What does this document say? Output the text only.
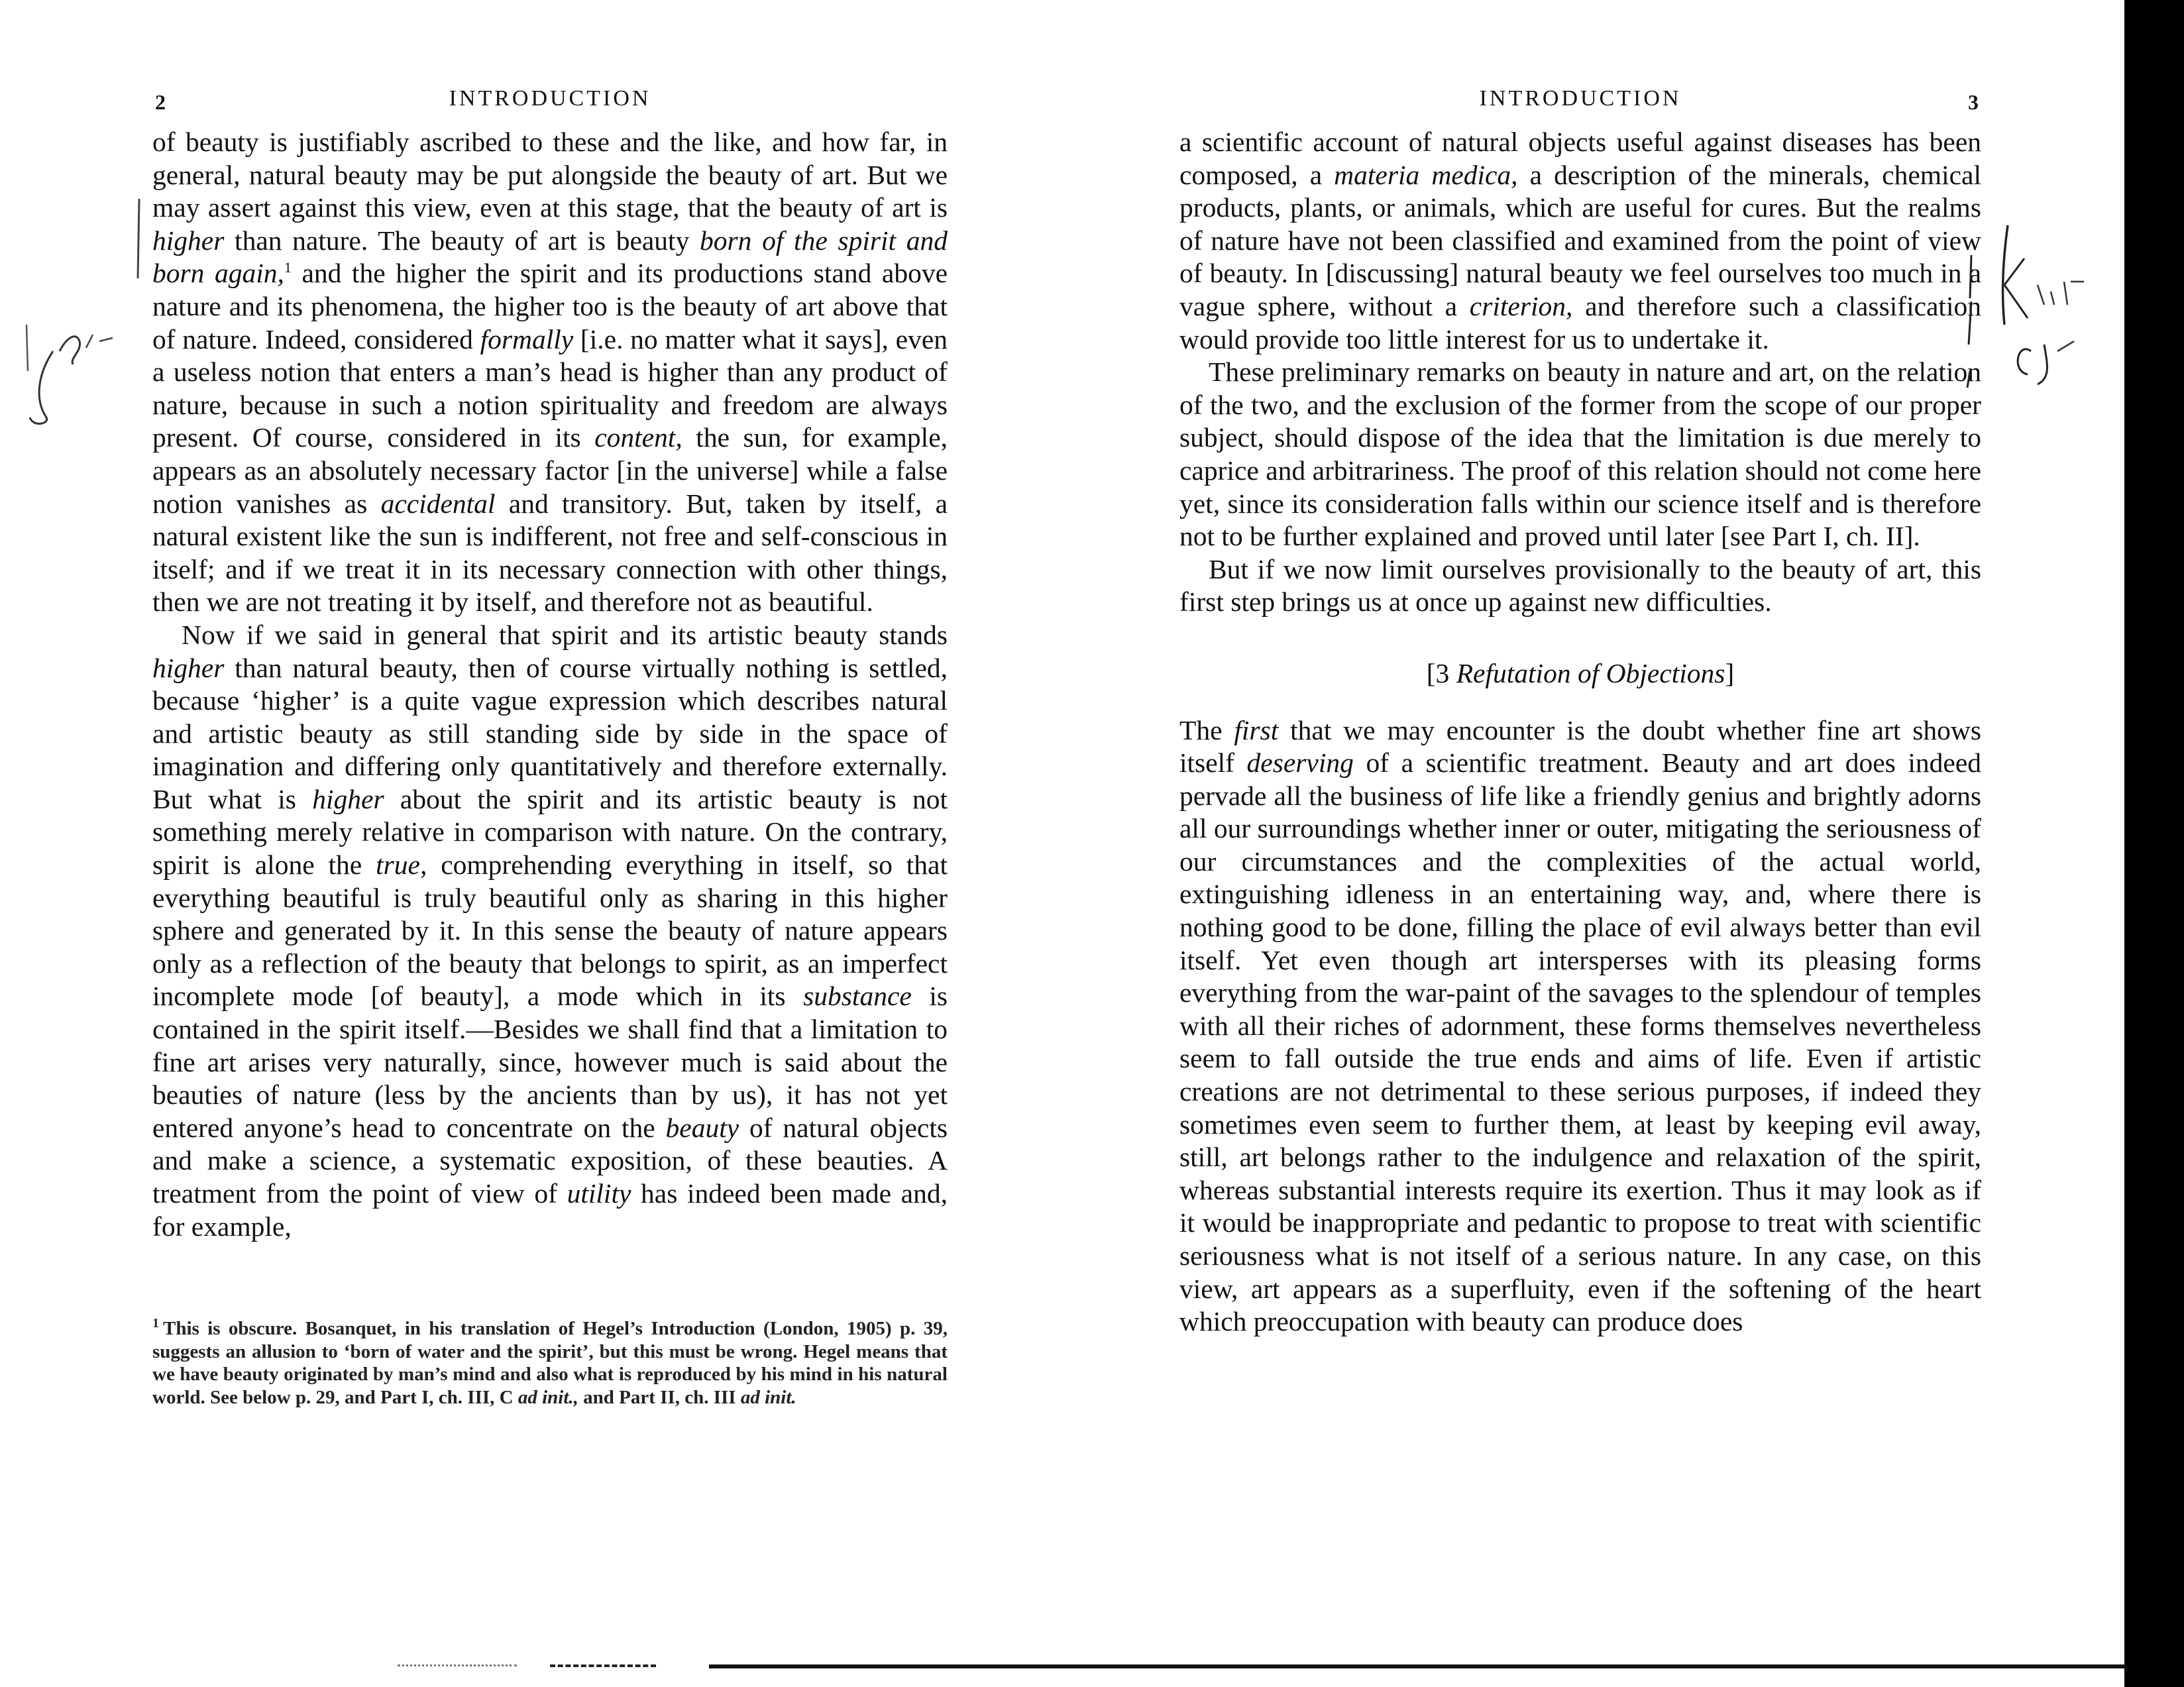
2	INTRODUCTION

of beauty is justifiably ascribed to these and the like, and how far, in general, natural beauty may be put alongside the beauty of art. But we may assert against this view, even at this stage, that the beauty of art is higher than nature. The beauty of art is beauty born of the spirit and born again,$^1$ and the higher the spirit and its productions stand above nature and its phenomena, the higher too is the beauty of art above that of nature. Indeed, considered formally [i.e. no matter what it says], even a useless notion that enters a man’s head is higher than any product of nature, because in such a notion spirituality and freedom are always present. Of course, considered in its content, the sun, for example, appears as an absolutely necessary factor [in the universe] while a false notion vanishes as accidental and transitory. But, taken by itself, a natural existent like the sun is indifferent, not free and self-conscious in itself; and if we treat it in its necessary connection with other things, then we are not treating it by itself, and therefore not as beautiful.

Now if we said in general that spirit and its artistic beauty stands higher than natural beauty, then of course virtually nothing is settled, because ‘higher’ is a quite vague expression which describes natural and artistic beauty as still standing side by side in the space of imagination and differing only quantitatively and therefore externally. But what is higher about the spirit and its artistic beauty is not something merely relative in comparison with nature. On the contrary, spirit is alone the true, comprehending everything in itself, so that everything beautiful is truly beautiful only as sharing in this higher sphere and generated by it. In this sense the beauty of nature appears only as a reflection of the beauty that belongs to spirit, as an imperfect incomplete mode [of beauty], a mode which in its substance is contained in the spirit itself.—Besides we shall find that a limitation to fine art arises very naturally, since, however much is said about the beauties of nature (less by the ancients than by us), it has not yet entered anyone’s head to concentrate on the beauty of natural objects and make a science, a systematic exposition, of these beauties. A treatment from the point of view of utility has indeed been made and, for example,

$^1$ This is obscure. Bosanquet, in his translation of Hegel’s Introduction (London, 1905) p. 39, suggests an allusion to ‘born of water and the spirit’, but this must be wrong. Hegel means that we have beauty originated by man’s mind and also what is reproduced by his mind in his natural world. See below p. 29, and Part I, ch. III, C ad init., and Part II, ch. III ad init.
INTRODUCTION	3

a scientific account of natural objects useful against diseases has been composed, a materia medica, a description of the minerals, chemical products, plants, or animals, which are useful for cures. But the realms of nature have not been classified and examined from the point of view of beauty. In [discussing] natural beauty we feel ourselves too much in a vague sphere, without a criterion, and therefore such a classification would provide too little interest for us to undertake it.

These preliminary remarks on beauty in nature and art, on the relation of the two, and the exclusion of the former from the scope of our proper subject, should dispose of the idea that the limitation is due merely to caprice and arbitrariness. The proof of this relation should not come here yet, since its consideration falls within our science itself and is therefore not to be further explained and proved until later [see Part I, ch. II].

But if we now limit ourselves provisionally to the beauty of art, this first step brings us at once up against new difficulties.

[3 Refutation of Objections]

The first that we may encounter is the doubt whether fine art shows itself deserving of a scientific treatment. Beauty and art does indeed pervade all the business of life like a friendly genius and brightly adorns all our surroundings whether inner or outer, mitigating the seriousness of our circumstances and the complexities of the actual world, extinguishing idleness in an entertaining way, and, where there is nothing good to be done, filling the place of evil always better than evil itself. Yet even though art intersperses with its pleasing forms everything from the war-paint of the savages to the splendour of temples with all their riches of adornment, these forms themselves nevertheless seem to fall outside the true ends and aims of life. Even if artistic creations are not detrimental to these serious purposes, if indeed they sometimes even seem to further them, at least by keeping evil away, still, art belongs rather to the indulgence and relaxation of the spirit, whereas substantial interests require its exertion. Thus it may look as if it would be inappropriate and pedantic to propose to treat with scientific seriousness what is not itself of a serious nature. In any case, on this view, art appears as a superfluity, even if the softening of the heart which preoccupation with beauty can produce does
